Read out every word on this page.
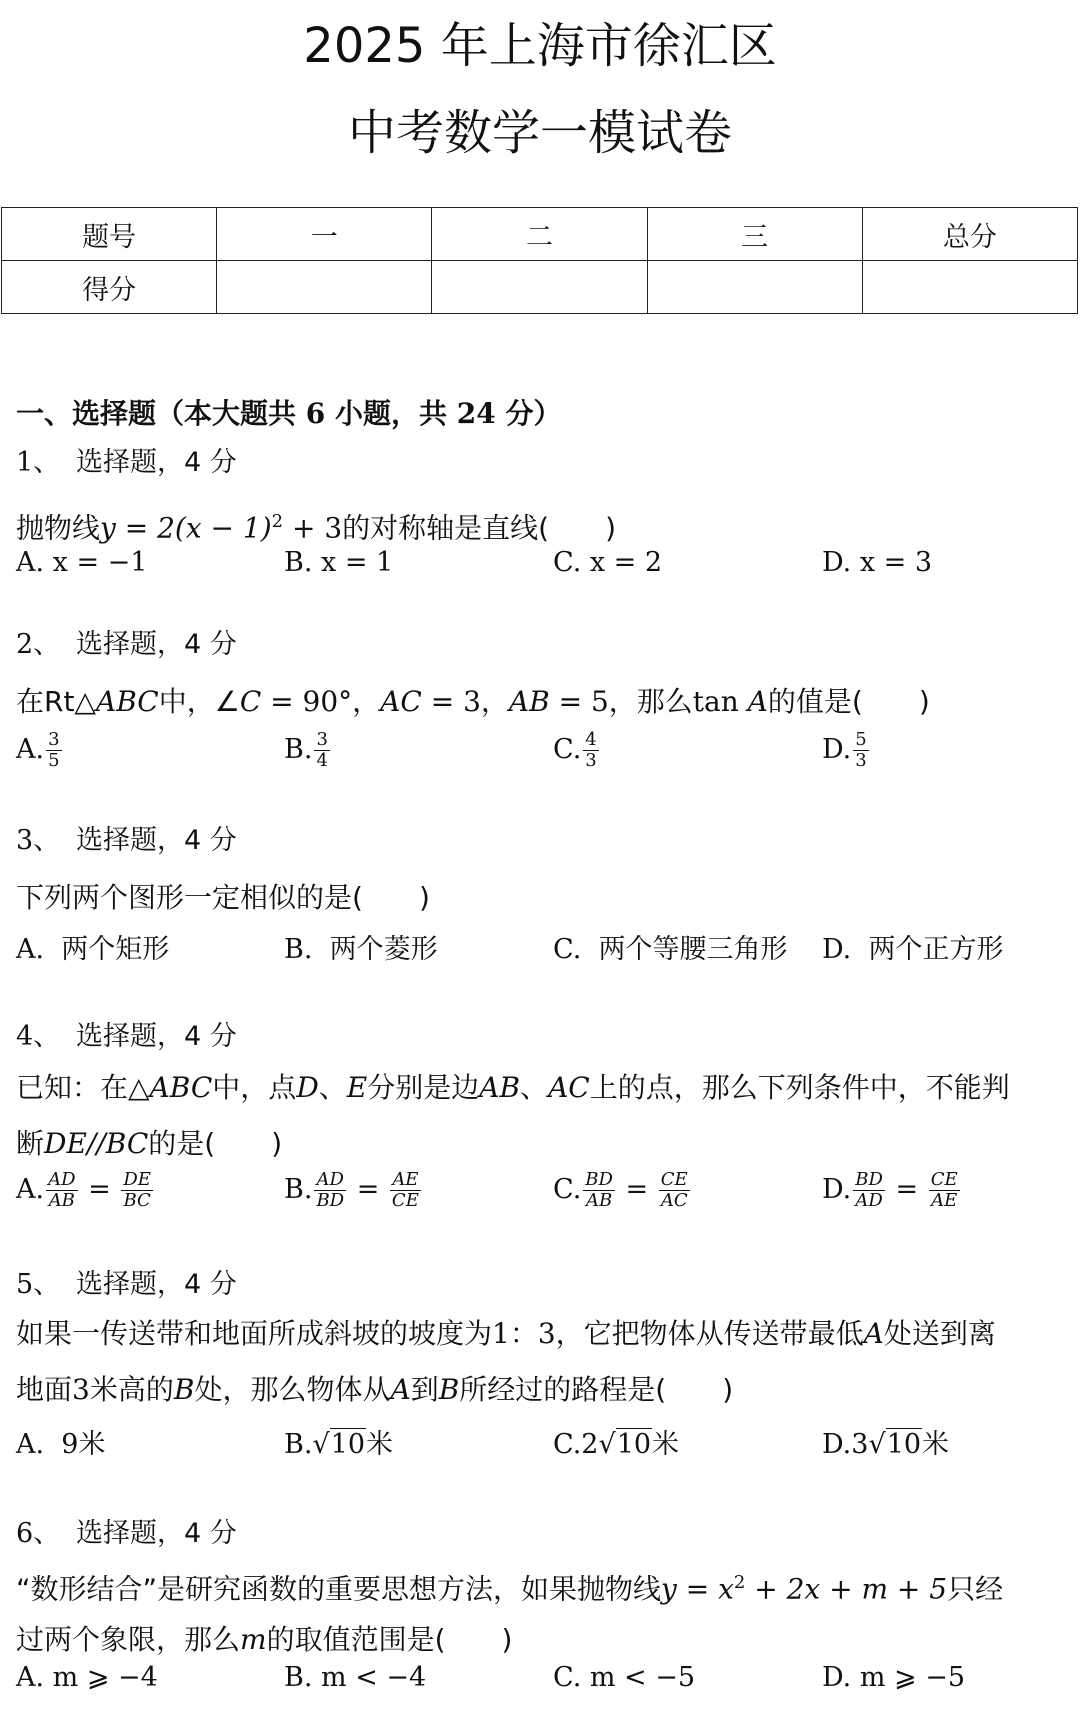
2025 年上海市徐汇区
中考数学一模试卷
题号	一	二	三	总分
得分				
一、选择题（本大题共 6 小题，共 24 分）
1、 选择题，4 分
抛物线$y = 2(x - 1)^2 + 3$的对称轴是直线( )
A. x = −1	B. x = 1	C. x = 2	D. x = 3
2、 选择题，4 分
在Rt△ABC中，∠C = 90°，AC = 3，AB = 5，那么tan A的值是( )
A. $\frac{3}{5}$	B. $\frac{3}{4}$	C. $\frac{4}{3}$	D. $\frac{5}{3}$
3、 选择题，4 分
下列两个图形一定相似的是( )
A. 两个矩形	B. 两个菱形	C. 两个等腰三角形 D. 两个正方形
4、 选择题，4 分
已知：在△ABC中，点D、E分别是边AB、AC上的点，那么下列条件中，不能判
断DE//BC的是( )
A. $\frac{AD}{AB} = \frac{DE}{BC}$	B. $\frac{AD}{BD} = \frac{AE}{CE}$	C. $\frac{BD}{AB} = \frac{CE}{AC}$	D. $\frac{BD}{AD} = \frac{CE}{AE}$
5、 选择题，4 分
如果一传送带和地面所成斜坡的坡度为1：3，它把物体从传送带最低A处送到离
地面3米高的B处，那么物体从A到B所经过的路程是( )
A. 9米	B.√10米	C.2√10米	D.3√10米
6、 选择题，4 分
“数形结合”是研究函数的重要思想方法，如果抛物线$y = x^2 + 2x + m + 5$只经
过两个象限，那么m的取值范围是( )
A. m ⩾ −4	B. m < −4	C. m < −5	D. m ⩾ −5
